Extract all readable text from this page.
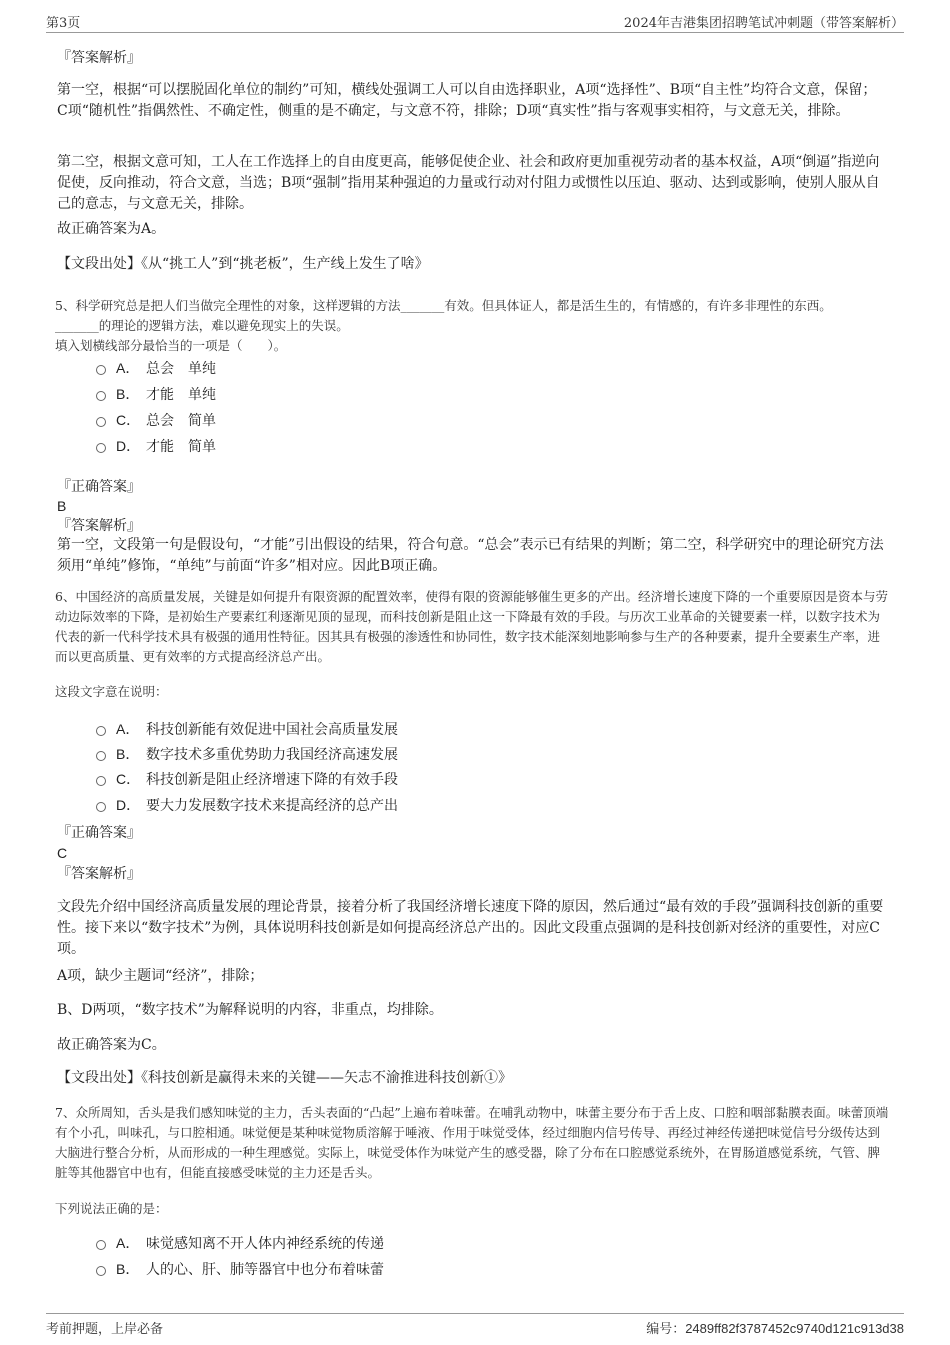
第3页	2024年吉港集团招聘笔试冲刺题（带答案解析）
『答案解析』
第一空，根据“可以摆脱固化单位的制约”可知，横线处强调工人可以自由选择职业，A项“选择性”、B项“自主性”均符合文意，保留；C项“随机性”指偶然性、不确定性，侧重的是不确定，与文意不符，排除；D项“真实性”指与客观事实相符，与文意无关，排除。
第二空，根据文意可知，工人在工作选择上的自由度更高，能够促使企业、社会和政府更加重视劳动者的基本权益，A项“倒逼”指逆向促使，反向推动，符合文意，当选；B项“强制”指用某种强迫的力量或行动对付阻力或惯性以压迫、驱动、达到或影响，使别人服从自己的意志，与文意无关，排除。
故正确答案为A。
【文段出处】《从“挑工人”到“挑老板”，生产线上发生了啥》
5、科学研究总是把人们当做完全理性的对象，这样逻辑的方法_______有效。但具体证人，都是活生生的，有情感的，有许多非理性的东西。
_______的理论的逻辑方法，难以避免现实上的失误。
填入划横线部分最恰当的一项是（　　）。
A． 总会 单纯
B． 才能 单纯
C． 总会 简单
D． 才能 简单
『正确答案』
B
『答案解析』
第一空，文段第一句是假设句，“才能”引出假设的结果，符合句意。“总会”表示已有结果的判断；第二空，科学研究中的理论研究方法须用“单纯”修饰，“单纯”与前面“许多”相对应。因此B项正确。
6、中国经济的高质量发展，关键是如何提升有限资源的配置效率，使得有限的资源能够催生更多的产出。经济增长速度下降的一个重要原因是资本与劳动边际效率的下降，是初始生产要素红利逐渐见顶的显现，而科技创新是阻止这一下降最有效的手段。与历次工业革命的关键要素一样，以数字技术为代表的新一代科学技术具有极强的通用性特征。因其具有极强的渗透性和协同性，数字技术能深刻地影响参与生产的各种要素，提升全要素生产率，进而以更高质量、更有效率的方式提高经济总产出。
这段文字意在说明：
A． 科技创新能有效促进中国社会高质量发展
B． 数字技术多重优势助力我国经济高速发展
C． 科技创新是阻止经济增速下降的有效手段
D． 要大力发展数字技术来提高经济的总产出
『正确答案』
C
『答案解析』
文段先介绍中国经济高质量发展的理论背景，接着分析了我国经济增长速度下降的原因，然后通过“最有效的手段”强调科技创新的重要性。接下来以“数字技术”为例，具体说明科技创新是如何提高经济总产出的。因此文段重点强调的是科技创新对经济的重要性，对应C项。
A项，缺少主题词“经济”，排除；
B、D两项，“数字技术”为解释说明的内容，非重点，均排除。
故正确答案为C。
【文段出处】《科技创新是赢得未来的关键——矢志不渝推进科技创新①》
7、众所周知，舌头是我们感知味觉的主力，舌头表面的“凸起”上遍布着味蕾。在哺乳动物中，味蕾主要分布于舌上皮、口腔和咽部黏膜表面。味蕾顶端有个小孔，叫味孔，与口腔相通。味觉便是某种味觉物质溶解于唾液、作用于味觉受体，经过细胞内信号传导、再经过神经传递把味觉信号分级传达到大脑进行整合分析，从而形成的一种生理感觉。实际上，味觉受体作为味觉产生的感受器，除了分布在口腔感觉系统外，在胃肠道感觉系统，气管、脾脏等其他器官中也有，但能直接感受味觉的主力还是舌头。
下列说法正确的是：
A． 味觉感知离不开人体内神经系统的传递
B． 人的心、肝、肺等器官中也分布着味蕾
考前押题，上岸必备	编号：2489ff82f3787452c9740d121c913d38
